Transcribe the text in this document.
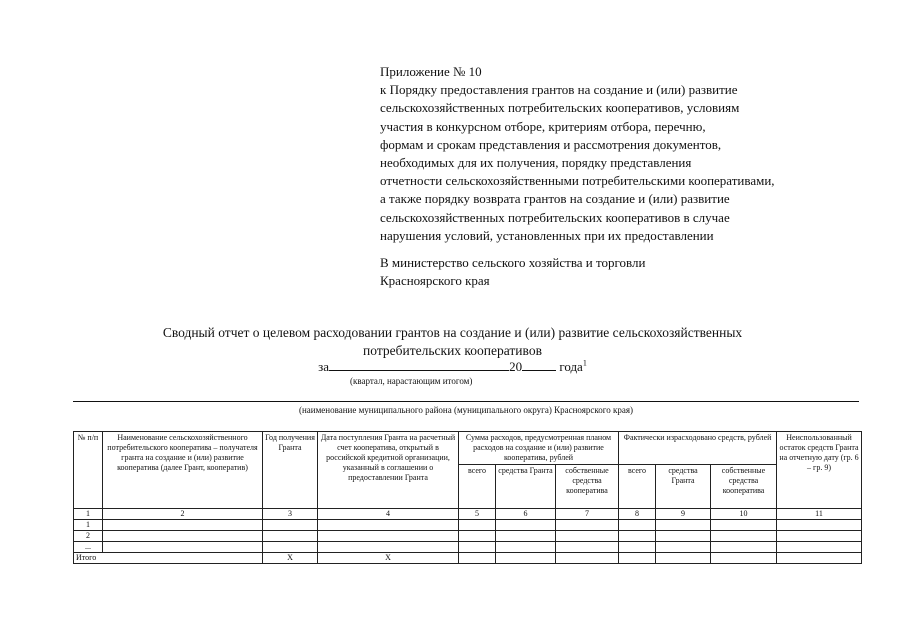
Приложение № 10
к Порядку предоставления грантов на создание и (или) развитие
сельскохозяйственных потребительских кооперативов, условиям
участия в конкурсном отборе, критериям отбора, перечню,
формам и срокам представления и рассмотрения документов,
необходимых для их получения, порядку представления
отчетности сельскохозяйственными потребительскими кооперативами,
а также порядку возврата грантов на создание и (или) развитие
сельскохозяйственных потребительских кооперативов в случае
нарушения условий, установленных при их предоставлении
В министерство сельского хозяйства и торговли
Красноярского края
Сводный отчет о целевом расходовании грантов на создание и (или) развитие сельскохозяйственных
потребительских кооперативов
за	20	года$^1$
(квартал, нарастающим итогом)
(наименование муниципального района (муниципального округа) Красноярского края)
№ п/п	Наименование сельскохозяйственного потребительского кооператива – получателя гранта на создание и (или) развитие кооператива (далее Грант, кооператив)	Год получения Гранта	Дата поступления Гранта на расчетный счет кооператива, открытый в российской кредитной организации, указанный в соглашении о предоставлении Гранта	Сумма расходов, предусмотренная планом расходов на создание и (или) развитие кооператива, рублей			Фактически израсходовано средств, рублей			Неиспользованный остаток средств Гранта на отчетную дату (гр. 6 – гр. 9)
				всего	средства Гранта	собственные средства кооператива	всего	средства Гранта	собственные средства кооператива	
1	2	3	4	5	6	7	8	9	10	11
1										
2										
...										
Итого		Х	Х							
